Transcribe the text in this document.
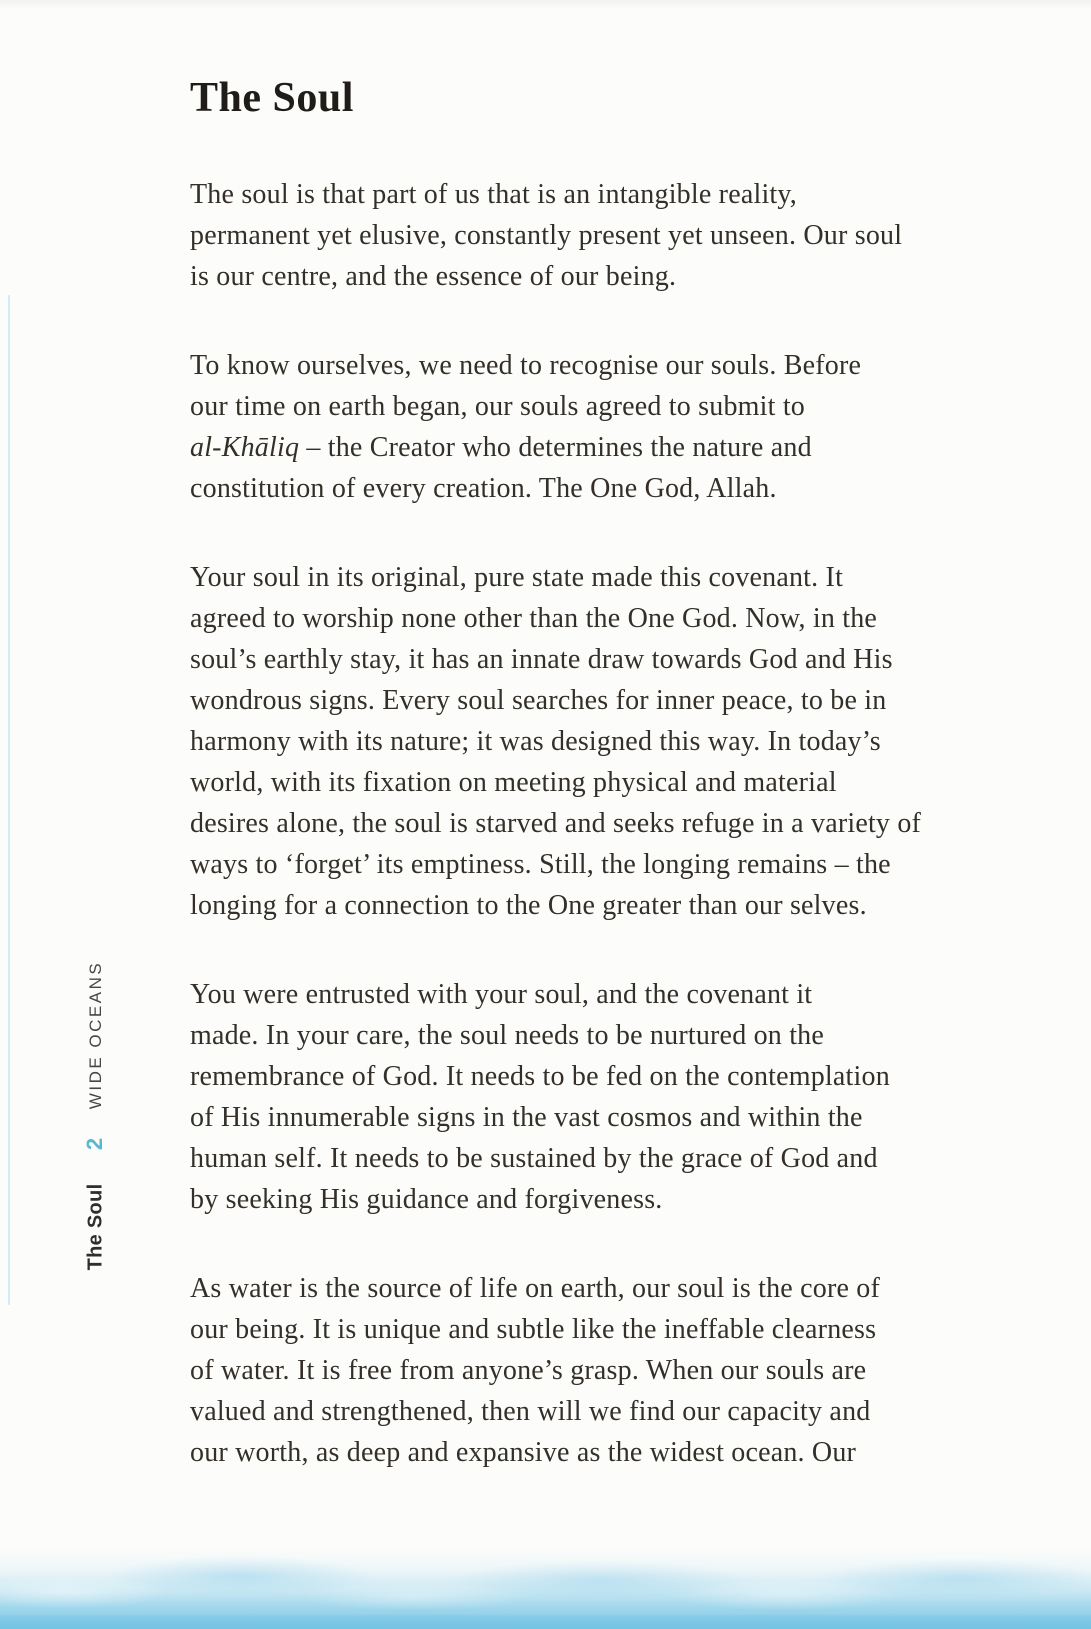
WIDE OCEANS
2
The Soul
The Soul

The soul is that part of us that is an intangible reality,
permanent yet elusive, constantly present yet unseen. Our soul
is our centre, and the essence of our being.

To know ourselves, we need to recognise our souls. Before
our time on earth began, our souls agreed to submit to
al-Khāliq – the Creator who determines the nature and
constitution of every creation. The One God, Allah.

Your soul in its original, pure state made this covenant. It
agreed to worship none other than the One God. Now, in the
soul’s earthly stay, it has an innate draw towards God and His
wondrous signs. Every soul searches for inner peace, to be in
harmony with its nature; it was designed this way. In today’s
world, with its fixation on meeting physical and material
desires alone, the soul is starved and seeks refuge in a variety of
ways to ‘forget’ its emptiness. Still, the longing remains – the
longing for a connection to the One greater than our selves.

You were entrusted with your soul, and the covenant it
made. In your care, the soul needs to be nurtured on the
remembrance of God. It needs to be fed on the contemplation
of His innumerable signs in the vast cosmos and within the
human self. It needs to be sustained by the grace of God and
by seeking His guidance and forgiveness.

As water is the source of life on earth, our soul is the core of
our being. It is unique and subtle like the ineffable clearness
of water. It is free from anyone’s grasp. When our souls are
valued and strengthened, then will we find our capacity and
our worth, as deep and expansive as the widest ocean. Our
